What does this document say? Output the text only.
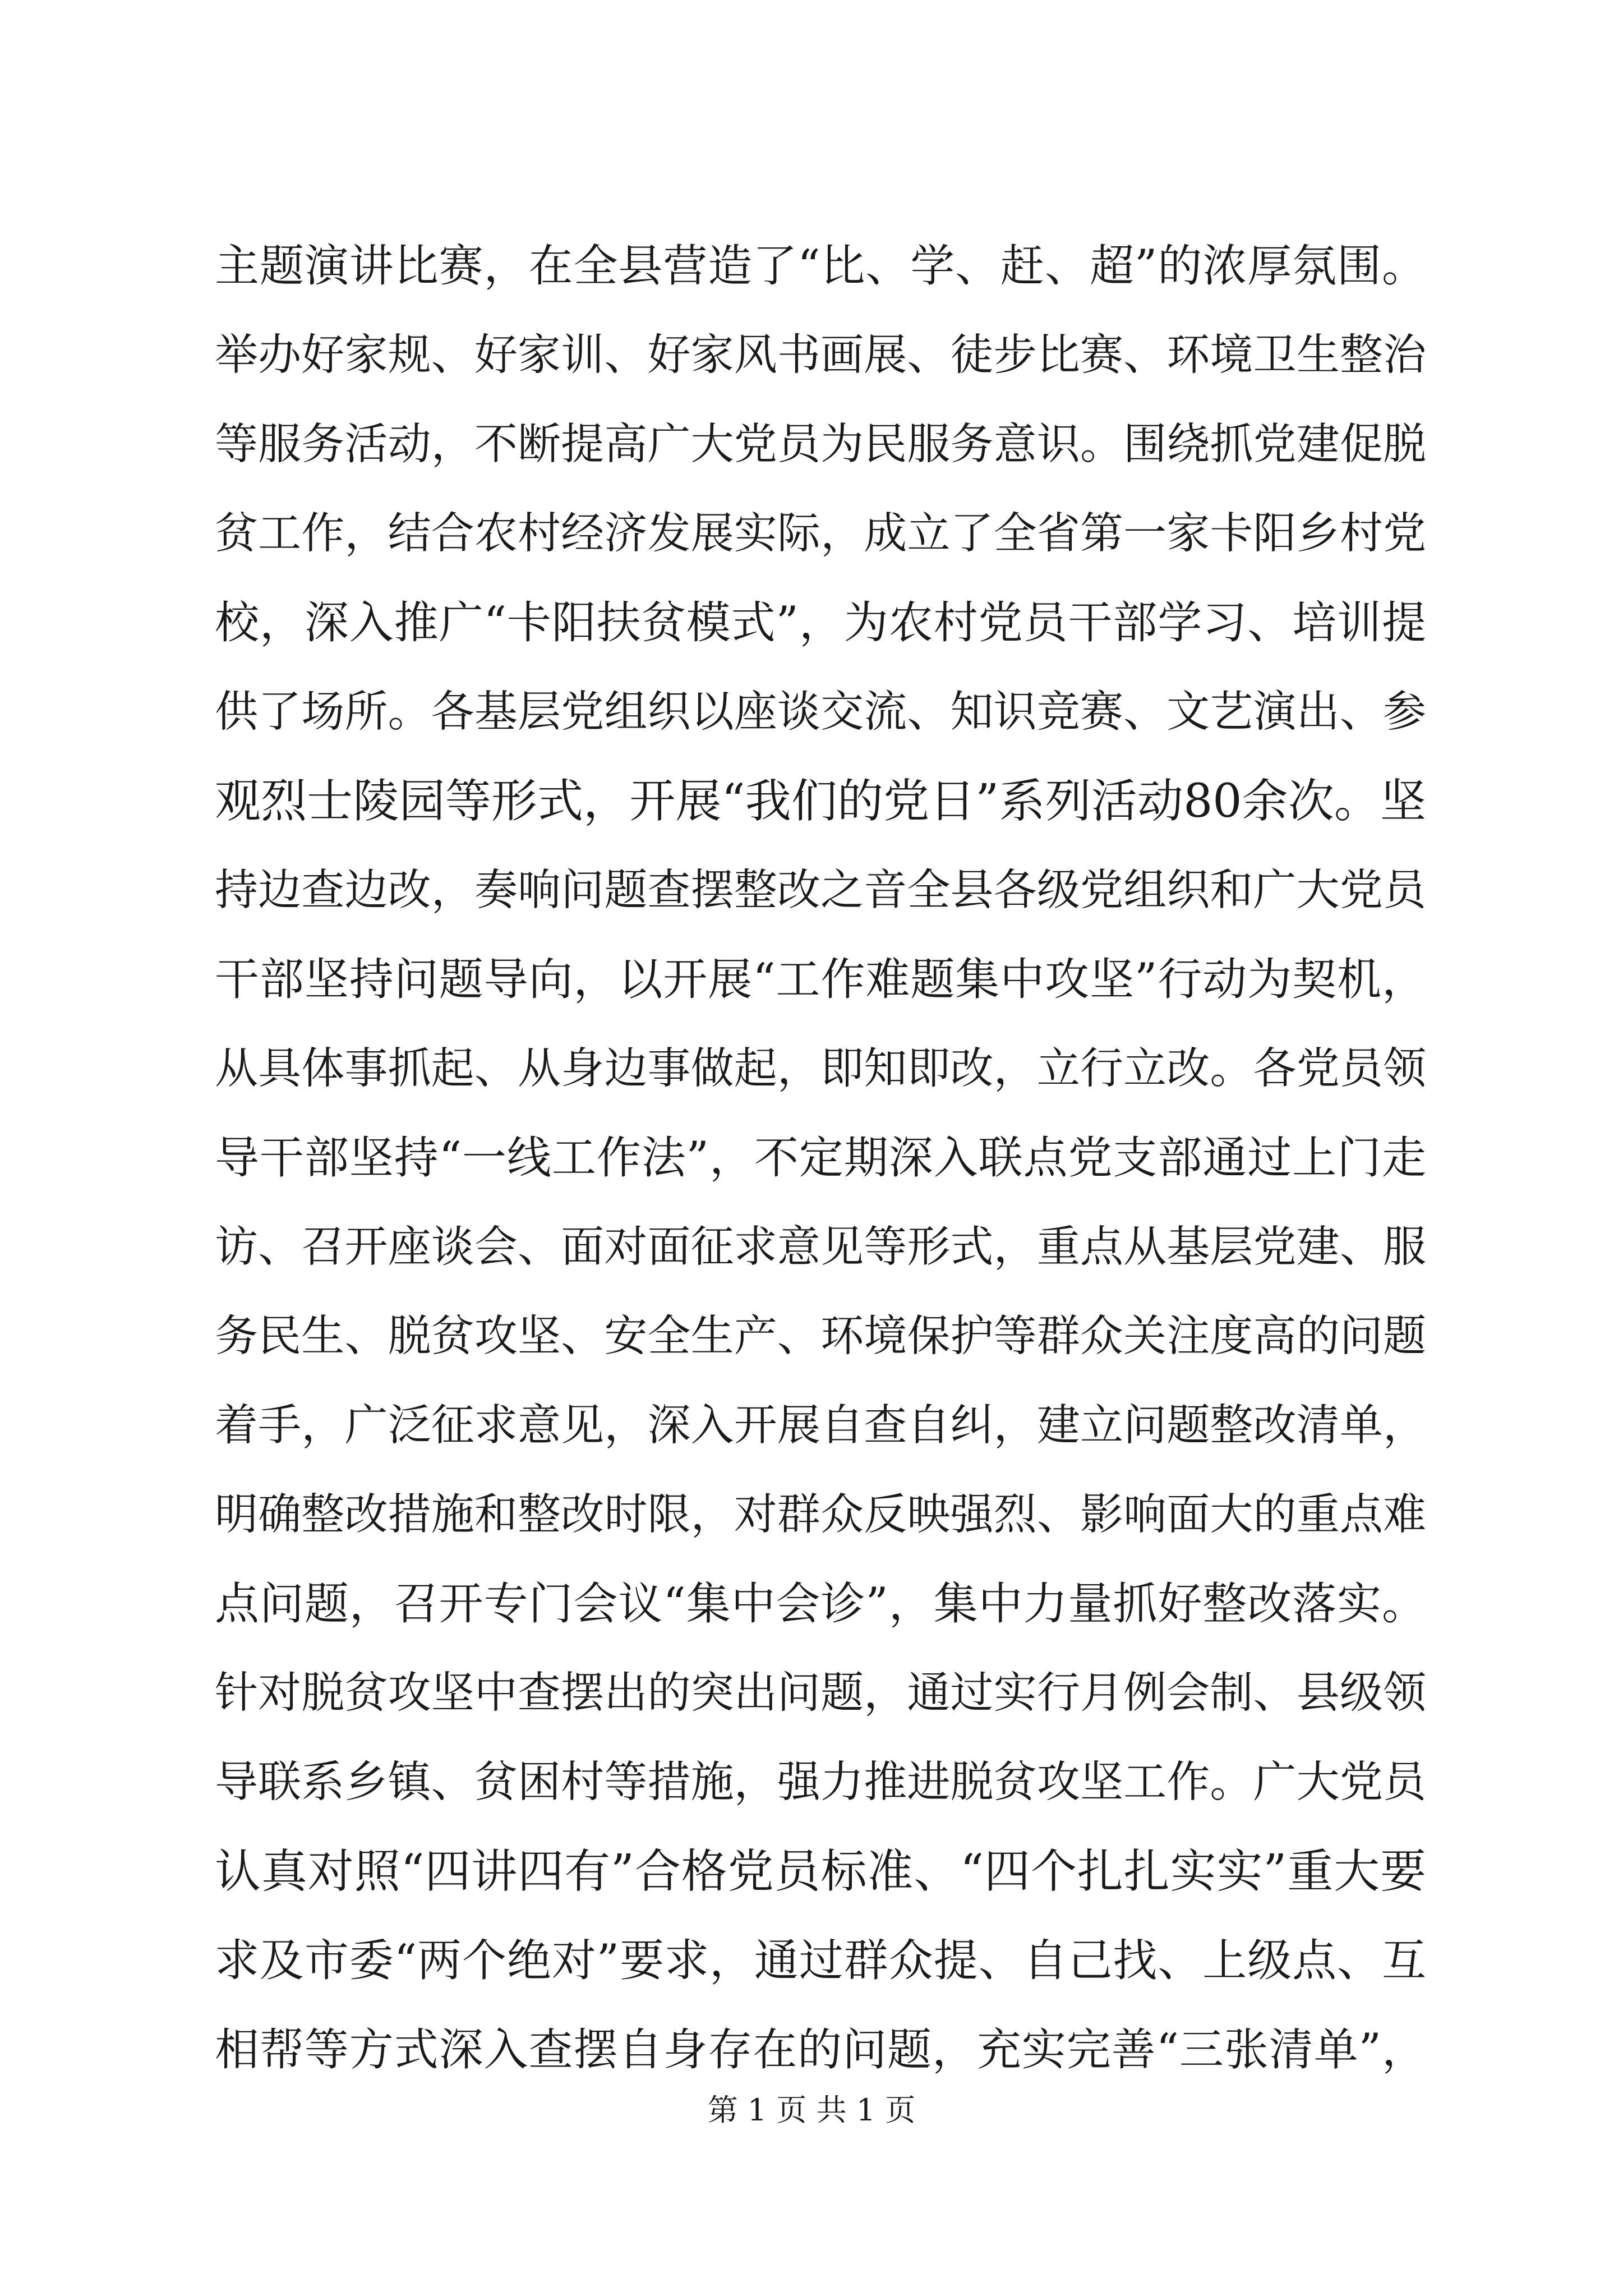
主题演讲比赛，在全县营造了“比、学、赶、超”的浓厚氛围。
举办好家规、好家训、好家风书画展、徒步比赛、环境卫生整治
等服务活动，不断提高广大党员为民服务意识。围绕抓党建促脱
贫工作，结合农村经济发展实际，成立了全省第一家卡阳乡村党
校，深入推广“卡阳扶贫模式”，为农村党员干部学习、培训提
供了场所。各基层党组织以座谈交流、知识竞赛、文艺演出、参
观烈士陵园等形式，开展“我们的党日”系列活动80余次。坚
持边查边改，奏响问题查摆整改之音全县各级党组织和广大党员
干部坚持问题导向，以开展“工作难题集中攻坚”行动为契机，
从具体事抓起、从身边事做起，即知即改，立行立改。各党员领
导干部坚持“一线工作法”，不定期深入联点党支部通过上门走
访、召开座谈会、面对面征求意见等形式，重点从基层党建、服
务民生、脱贫攻坚、安全生产、环境保护等群众关注度高的问题
着手，广泛征求意见，深入开展自查自纠，建立问题整改清单，
明确整改措施和整改时限，对群众反映强烈、影响面大的重点难
点问题，召开专门会议“集中会诊”，集中力量抓好整改落实。
针对脱贫攻坚中查摆出的突出问题，通过实行月例会制、县级领
导联系乡镇、贫困村等措施，强力推进脱贫攻坚工作。广大党员
认真对照“四讲四有”合格党员标准、“四个扎扎实实”重大要
求及市委“两个绝对”要求，通过群众提、自己找、上级点、互
相帮等方式深入查摆自身存在的问题，充实完善“三张清单”，
第 1 页 共 1 页
